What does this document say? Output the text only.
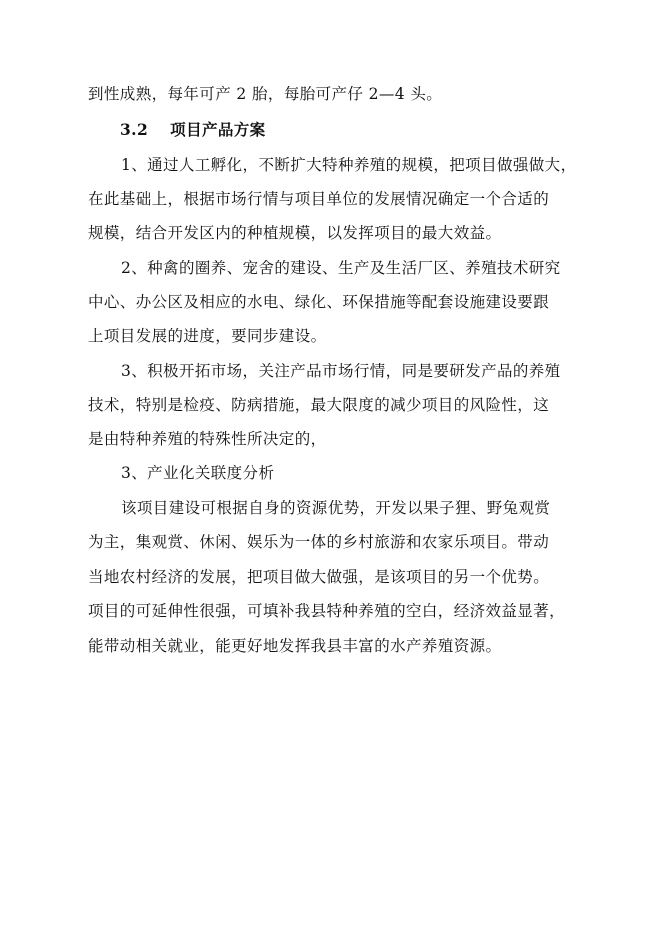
到性成熟，每年可产 2 胎，每胎可产仔 2—4 头。
3.2 项目产品方案
1、通过人工孵化，不断扩大特种养殖的规模，把项目做强做大，
在此基础上，根据市场行情与项目单位的发展情况确定一个合适的
规模，结合开发区内的种植规模，以发挥项目的最大效益。
2、种禽的圈养、宠舍的建设、生产及生活厂区、养殖技术研究
中心、办公区及相应的水电、绿化、环保措施等配套设施建设要跟
上项目发展的进度，要同步建设。
3、积极开拓市场，关注产品市场行情，同是要研发产品的养殖
技术，特别是检疫、防病措施，最大限度的减少项目的风险性，这
是由特种养殖的特殊性所决定的，
3、产业化关联度分析
该项目建设可根据自身的资源优势，开发以果子狸、野兔观赏
为主，集观赏、休闲、娱乐为一体的乡村旅游和农家乐项目。带动
当地农村经济的发展，把项目做大做强，是该项目的另一个优势。
项目的可延伸性很强，可填补我县特种养殖的空白，经济效益显著，
能带动相关就业，能更好地发挥我县丰富的水产养殖资源。
